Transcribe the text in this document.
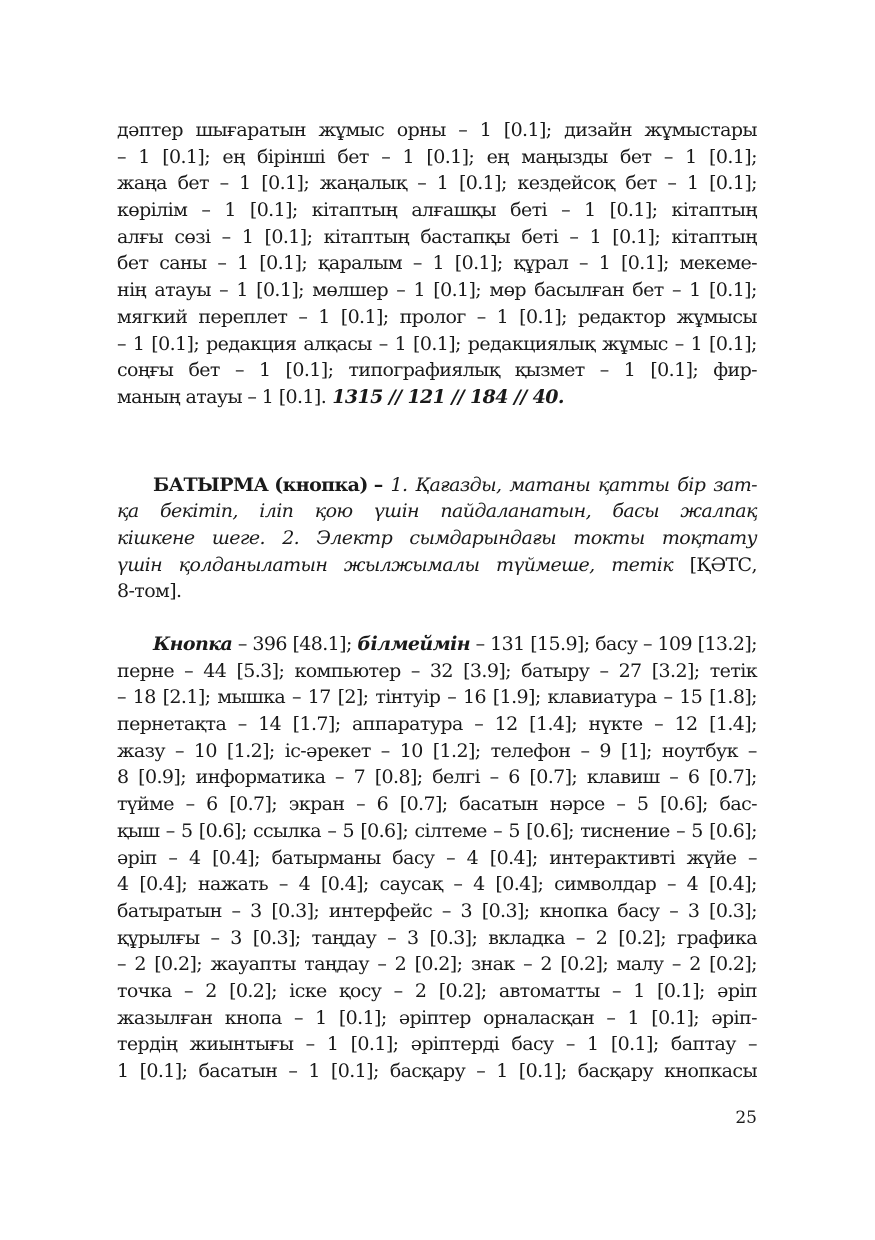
дәптер шығаратын жұмыс орны – 1 [0.1]; дизайн жұмыстары
– 1 [0.1]; ең бірінші бет – 1 [0.1]; ең маңызды бет – 1 [0.1];
жаңа бет – 1 [0.1]; жаңалық – 1 [0.1]; кездейсоқ бет – 1 [0.1];
көрілім – 1 [0.1]; кітаптың алғашқы беті – 1 [0.1]; кітаптың
алғы сөзі – 1 [0.1]; кітаптың бастапқы беті – 1 [0.1]; кітаптың
бет саны – 1 [0.1]; қаралым – 1 [0.1]; құрал – 1 [0.1]; мекеме-
нің атауы – 1 [0.1]; мөлшер – 1 [0.1]; мөр басылған бет – 1 [0.1];
мягкий переплет – 1 [0.1]; пролог – 1 [0.1]; редактор жұмысы
– 1 [0.1]; редакция алқасы – 1 [0.1]; редакциялық жұмыс – 1 [0.1];
соңғы бет – 1 [0.1]; типографиялық қызмет – 1 [0.1]; фир-
маның атауы – 1 [0.1]. 1315 // 121 // 184 // 40.
БАТЫРМА (кнопка) – 1. Қағазды, матаны қатты бір зат-
қа бекітіп, іліп қою үшін пайдаланатын, басы жалпақ
кішкене шеге. 2. Электр сымдарындағы токты тоқтату
үшін қолданылатын жылжымалы түймеше, тетік [ҚӘТС,
8-том].
Кнопка – 396 [48.1]; білмеймін – 131 [15.9]; басу – 109 [13.2];
перне – 44 [5.3]; компьютер – 32 [3.9]; батыру – 27 [3.2]; тетік
– 18 [2.1]; мышка – 17 [2]; тінтуір – 16 [1.9]; клавиатура – 15 [1.8];
пернетақта – 14 [1.7]; аппаратура – 12 [1.4]; нүкте – 12 [1.4];
жазу – 10 [1.2]; іс-әрекет – 10 [1.2]; телефон – 9 [1]; ноутбук –
8 [0.9]; информатика – 7 [0.8]; белгі – 6 [0.7]; клавиш – 6 [0.7];
түйме – 6 [0.7]; экран – 6 [0.7]; басатын нәрсе – 5 [0.6]; бас-
қыш – 5 [0.6]; ссылка – 5 [0.6]; сілтеме – 5 [0.6]; тиснение – 5 [0.6];
әріп – 4 [0.4]; батырманы басу – 4 [0.4]; интерактивті жүйе –
4 [0.4]; нажать – 4 [0.4]; саусақ – 4 [0.4]; символдар – 4 [0.4];
батыратын – 3 [0.3]; интерфейс – 3 [0.3]; кнопка басу – 3 [0.3];
құрылғы – 3 [0.3]; таңдау – 3 [0.3]; вкладка – 2 [0.2]; графика
– 2 [0.2]; жауапты таңдау – 2 [0.2]; знак – 2 [0.2]; малу – 2 [0.2];
точка – 2 [0.2]; іске қосу – 2 [0.2]; автоматты – 1 [0.1]; әріп
жазылған кнопа – 1 [0.1]; әріптер орналасқан – 1 [0.1]; әріп-
тердің жиынтығы – 1 [0.1]; әріптерді басу – 1 [0.1]; баптау –
1 [0.1]; басатын – 1 [0.1]; басқару – 1 [0.1]; басқару кнопкасы
25
